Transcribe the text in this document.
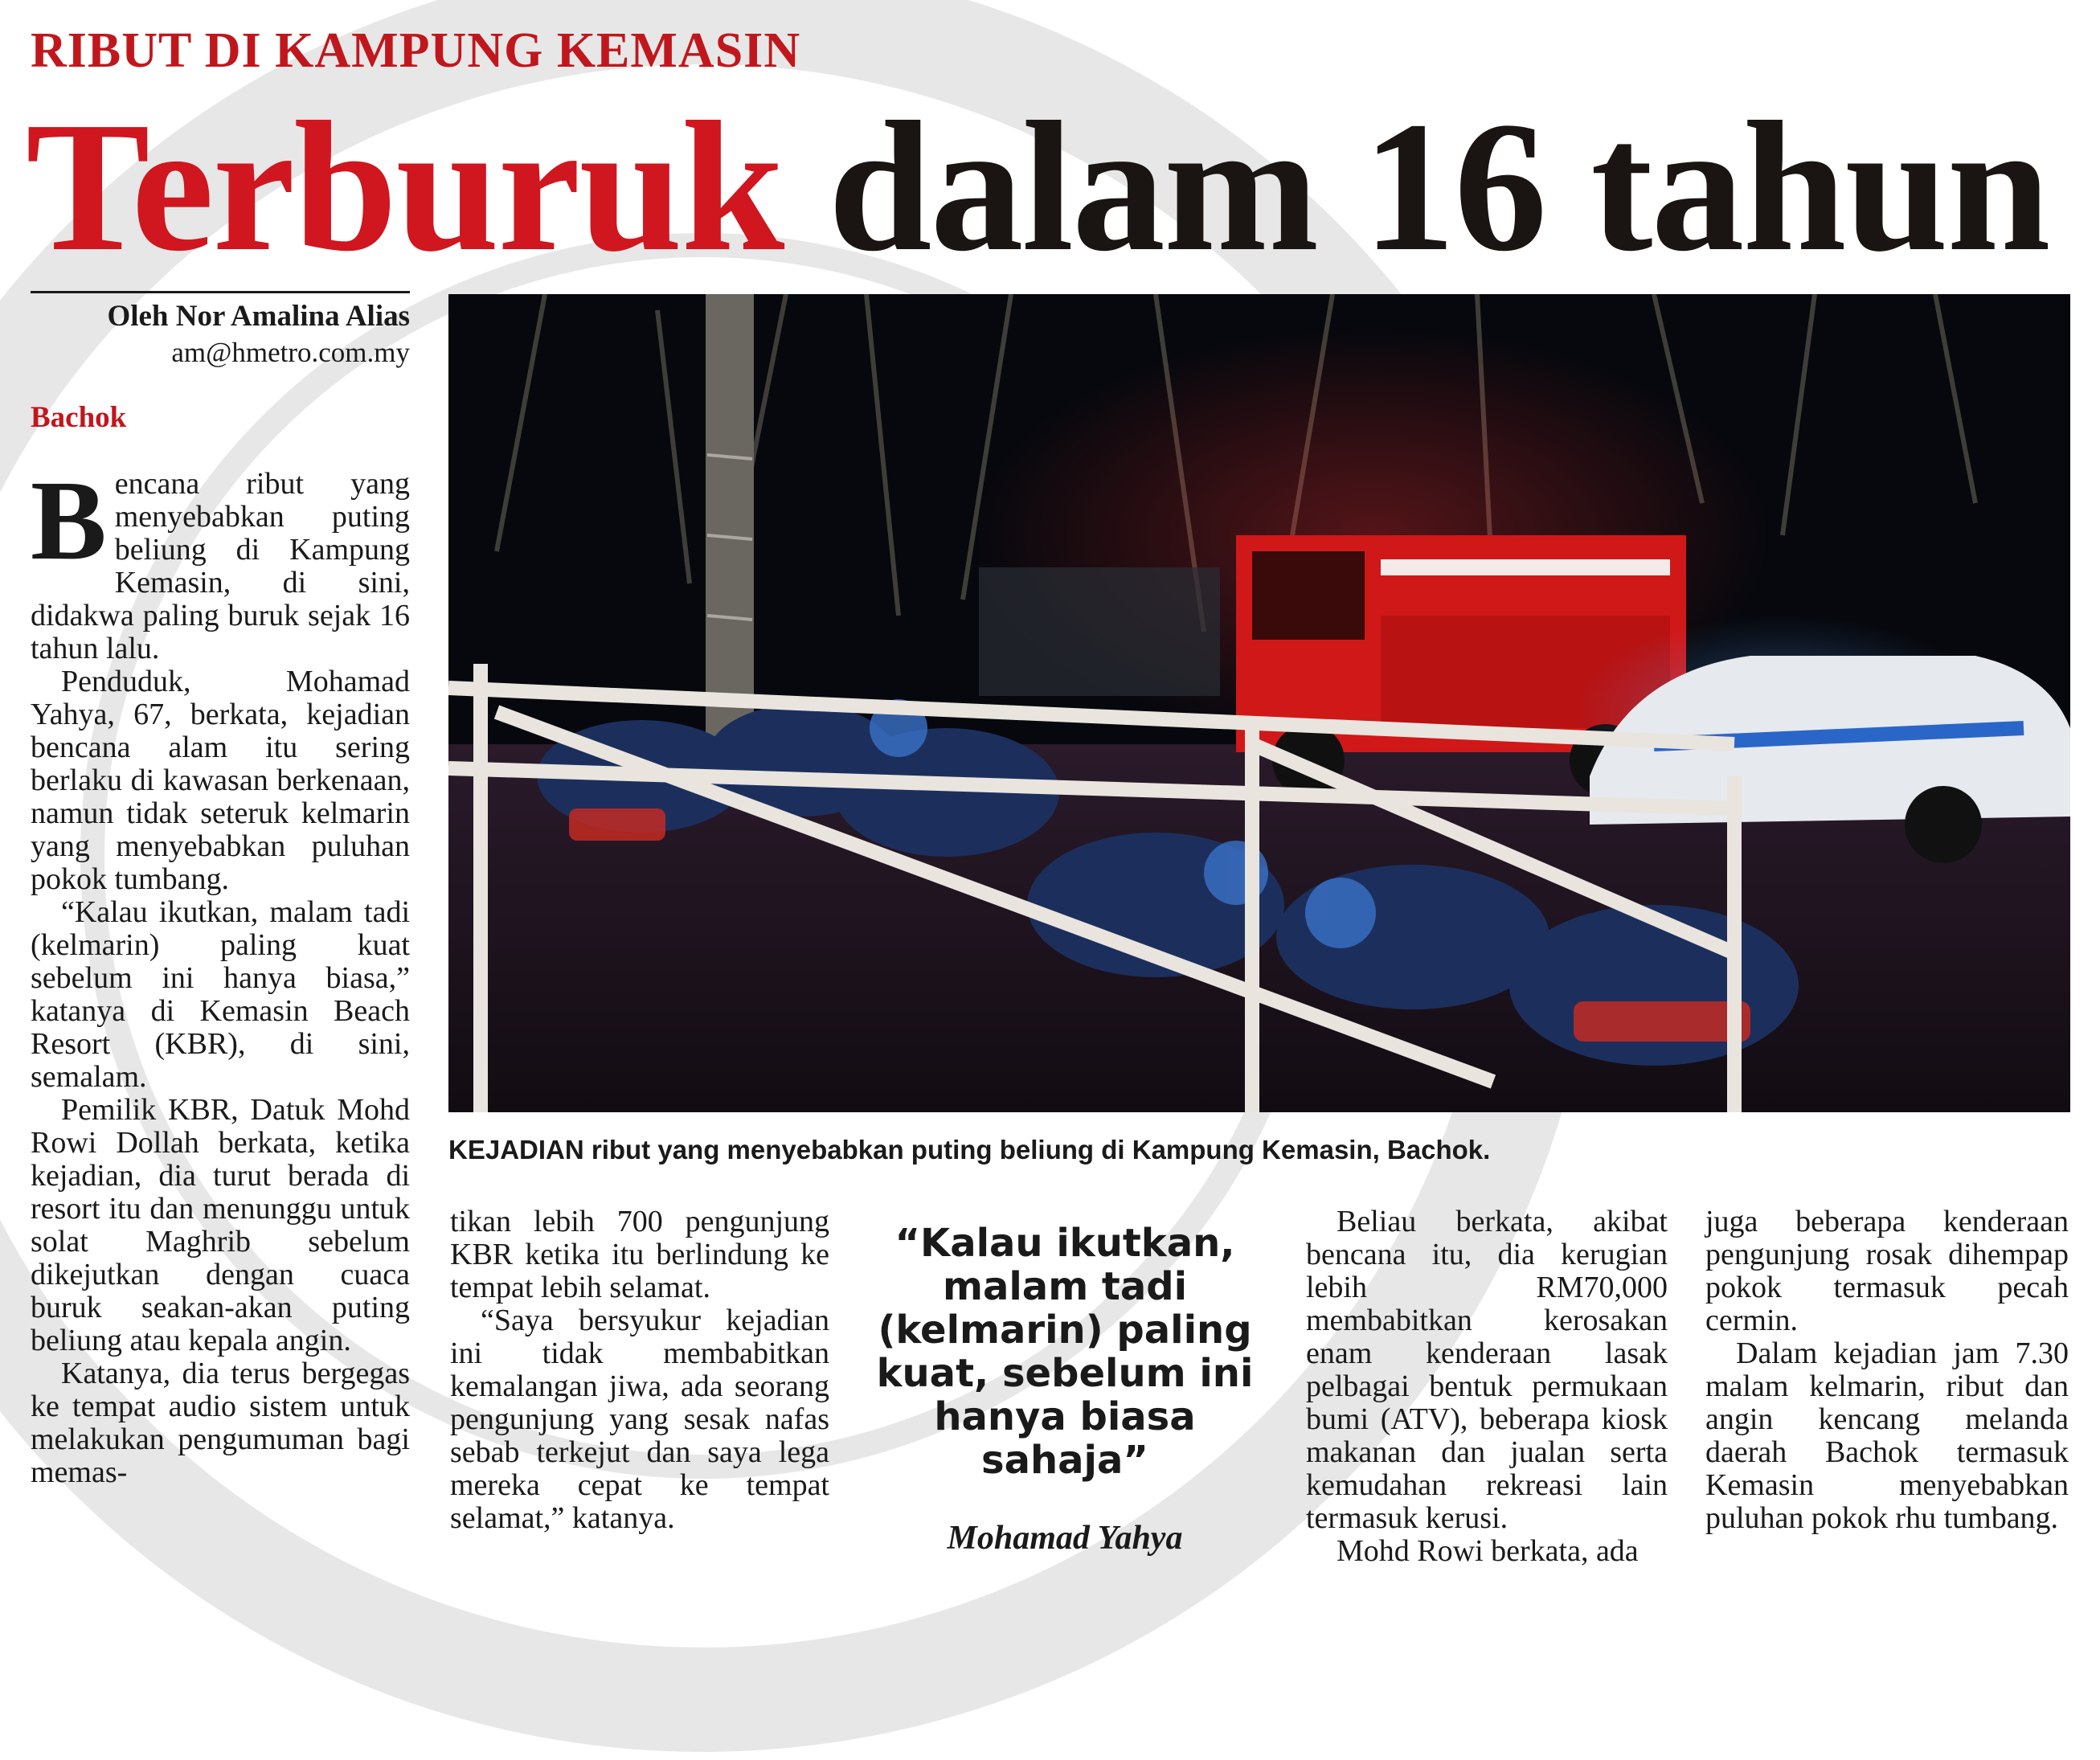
RIBUT DI KAMPUNG KEMASIN
Terburuk dalam 16 tahun
Oleh Nor Amalina Alias
am@hmetro.com.my
Bachok
B encana ribut yang menyebabkan puting beliung di Kampung Kemasin, di sini, didakwa paling buruk sejak 16 tahun lalu.

Penduduk, Mohamad Yahya, 67, berkata, kejadian bencana alam itu sering berlaku di kawasan berkenaan, namun tidak seteruk kelmarin yang menyebabkan puluhan pokok tumbang.

“Kalau ikutkan, malam tadi (kelmarin) paling kuat sebelum ini hanya biasa,” katanya di Kemasin Beach Resort (KBR), di sini, semalam.

Pemilik KBR, Datuk Mohd Rowi Dollah berkata, ketika kejadian, dia turut berada di resort itu dan menunggu untuk solat Maghrib sebelum dikejutkan dengan cuaca buruk seakan-akan puting beliung atau kepala angin.

Katanya, dia terus bergegas ke tempat audio sistem untuk melakukan pengumuman bagi memas-

KEJADIAN ribut yang menyebabkan puting beliung di Kampung Kemasin, Bachok.

tikan lebih 700 pengunjung KBR ketika itu berlindung ke tempat lebih selamat.

“Saya bersyukur kejadian ini tidak membabitkan kemalangan jiwa, ada seorang pengunjung yang sesak nafas sebab terkejut dan saya lega mereka cepat ke tempat selamat,” katanya.

“Kalau ikutkan, malam tadi (kelmarin) paling kuat, sebelum ini hanya biasa sahaja”
Mohamad Yahya

Beliau berkata, akibat bencana itu, dia kerugian lebih RM70,000 membabitkan kerosakan enam kenderaan lasak pelbagai bentuk permukaan bumi (ATV), beberapa kiosk makanan dan jualan serta kemudahan rekreasi lain termasuk kerusi.

Mohd Rowi berkata, ada

juga beberapa kenderaan pengunjung rosak dihempap pokok termasuk pecah cermin.

Dalam kejadian jam 7.30 malam kelmarin, ribut dan angin kencang melanda daerah Bachok termasuk Kemasin menyebabkan puluhan pokok rhu tumbang.
